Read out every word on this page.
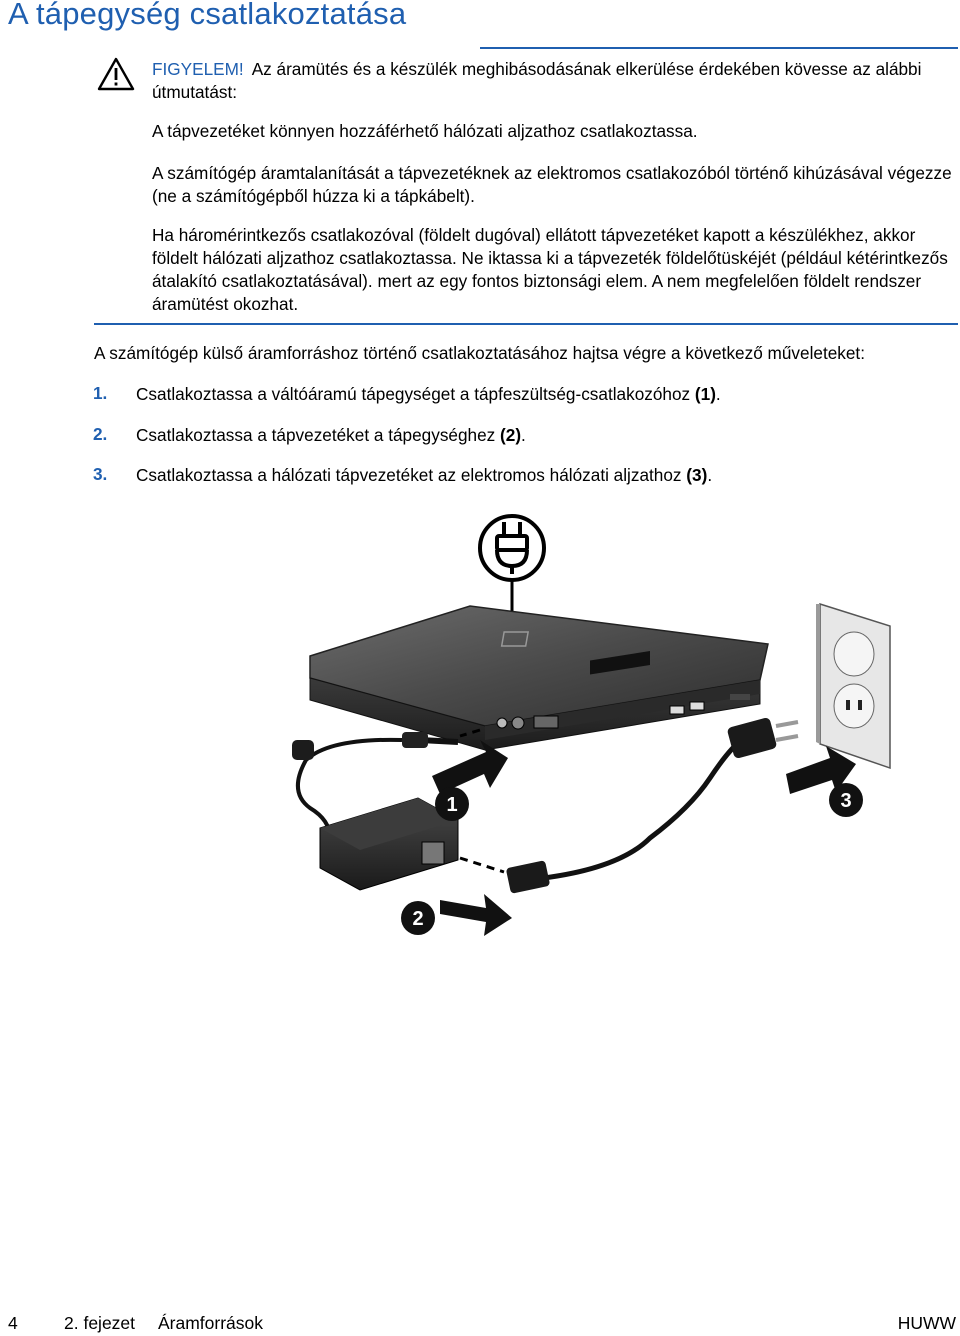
A tápegység csatlakoztatása

FIGYELEM! Az áramütés és a készülék meghibásodásának elkerülése érdekében kövesse az alábbi útmutatást:

A tápvezetéket könnyen hozzáférhető hálózati aljzathoz csatlakoztassa.

A számítógép áramtalanítását a tápvezetéknek az elektromos csatlakozóból történő kihúzásával végezze (ne a számítógépből húzza ki a tápkábelt).

Ha háromérintkezős csatlakozóval (földelt dugóval) ellátott tápvezetéket kapott a készülékhez, akkor földelt hálózati aljzathoz csatlakoztassa. Ne iktassa ki a tápvezeték földelőtüskéjét (például kétérintkezős átalakító csatlakoztatásával). mert az egy fontos biztonsági elem. A nem megfelelően földelt rendszer áramütést okozhat.

A számítógép külső áramforráshoz történő csatlakoztatásához hajtsa végre a következő műveleteket:

1. Csatlakoztassa a váltóáramú tápegységet a tápfeszültség-csatlakozóhoz (1).
2. Csatlakoztassa a tápvezetéket a tápegységhez (2).
3. Csatlakoztassa a hálózati tápvezetéket az elektromos hálózati aljzathoz (3).
1
2
3
4	2. fejezet Áramforrások	HUWW
